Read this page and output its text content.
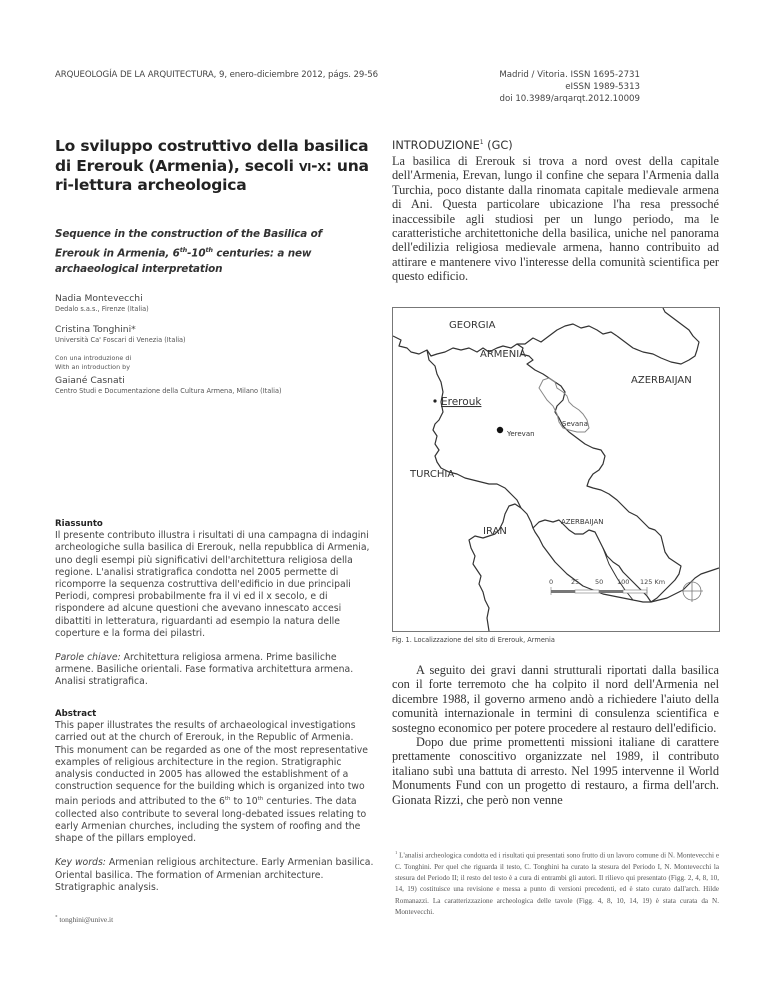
ARQUEOLOGÍA DE LA ARQUITECTURA, 9, enero-diciembre 2012, págs. 29-56	Madrid / Vitoria. ISSN 1695-2731
eISSN 1989-5313
doi 10.3989/arqarqt.2012.10009
Lo sviluppo costruttivo della basilica di Ererouk (Armenia), secoli vi-x: una ri-lettura archeologica
Sequence in the construction of the Basilica of Ererouk in Armenia, 6th-10th centuries: a new archaeological interpretation

Nadia Montevecchi

Dedalo s.a.s., Firenze (Italia)

Cristina Tonghini*

Università Ca' Foscari di Venezia (Italia)

Con una introduzione di

With an introduction by

Gaiané Casnati

Centro Studi e Documentazione della Cultura Armena, Milano (Italia)

Riassunto

Il presente contributo illustra i risultati di una campagna di indagini archeologiche sulla basilica di Ererouk, nella repubblica di Armenia, uno degli esempi più significativi dell'architettura religiosa della regione. L'analisi stratigrafica condotta nel 2005 permette di ricomporre la sequenza costruttiva dell'edificio in due principali Periodi, compresi probabilmente fra il vi ed il x secolo, e di rispondere ad alcune questioni che avevano innescato accesi dibattiti in letteratura, riguardanti ad esempio la natura delle coperture e la forma dei pilastri.

Parole chiave: Architettura religiosa armena. Prime basiliche armene. Basiliche orientali. Fase formativa architettura armena. Analisi stratigrafica.

Abstract

This paper illustrates the results of archaeological investigations carried out at the church of Ererouk, in the Republic of Armenia. This monument can be regarded as one of the most representative examples of religious architecture in the region. Stratigraphic analysis conducted in 2005 has allowed the establishment of a construction sequence for the building which is organized into two main periods and attributed to the 6th to 10th centuries. The data collected also contribute to several long-debated issues relating to early Armenian churches, including the system of roofing and the shape of the pillars employed.

Key words: Armenian religious architecture. Early Armenian basilica. Oriental basilica. The formation of Armenian architecture. Stratigraphic analysis.

* tonghini@unive.it
INTRODUZIONE$^1$ (GC)

La basilica di Ererouk si trova a nord ovest della capitale dell'Armenia, Erevan, lungo il confine che separa l'Armenia dalla Turchia, poco distante dalla rinomata capitale medievale armena di Ani. Questa particolare ubicazione l'ha resa pressoché inaccessibile agli studiosi per un lungo periodo, ma le caratteristiche architettoniche della basilica, uniche nel panorama dell'edilizia religiosa medievale armena, hanno contribuito ad attirare e mantenere vivo l'interesse della comunità scientifica per questo edificio.

GEORGIA
ARMENIA
AZERBAIJAN
Ererouk
Sevana
Yerevan
TURCHIA
IRAN
AZERBAIJAN
0	25 50 100 125 Km
Fig. 1. Localizzazione del sito di Ererouk, Armenia

A seguito dei gravi danni strutturali riportati dalla basilica con il forte terremoto che ha colpito il nord dell'Armenia nel dicembre 1988, il governo armeno andò a richiedere l'aiuto della comunità internazionale in termini di consulenza scientifica e sostegno economico per potere procedere al restauro dell'edificio.

Dopo due prime promettenti missioni italiane di carattere prettamente conoscitivo organizzate nel 1989, il contributo italiano subì una battuta di arresto. Nel 1995 intervenne il World Monuments Fund con un progetto di restauro, a firma dell'arch. Gionata Rizzi, che però non venne

$^1$ L'analisi archeologica condotta ed i risultati qui presentati sono frutto di un lavoro comune di N. Montevecchi e C. Tonghini. Per quel che riguarda il testo, C. Tonghini ha curato la stesura del Periodo I, N. Montevecchi la stesura del Periodo II; il resto del testo è a cura di entrambi gli autori. Il rilievo qui presentato (Figg. 2, 4, 8, 10, 14, 19) costituisce una revisione e messa a punto di versioni precedenti, ed è stato curato dall'arch. Hilde Romanazzi. La caratterizzazione archeologica delle tavole (Figg. 4, 8, 10, 14, 19) è stata curata da N. Montevecchi.
